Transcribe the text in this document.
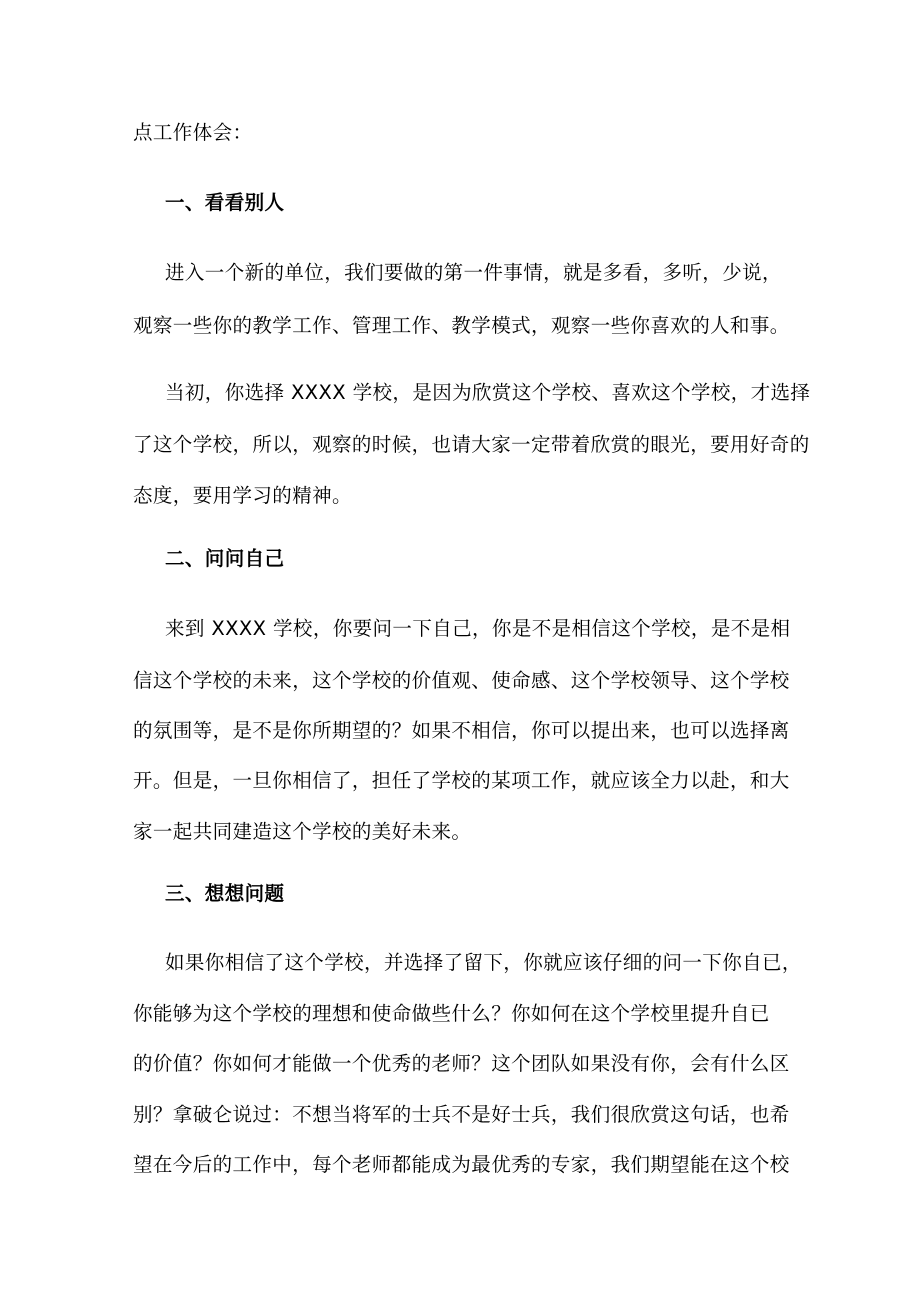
点工作体会：
一、看看别人
进入一个新的单位，我们要做的第一件事情，就是多看，多听，少说，
观察一些你的教学工作、管理工作、教学模式，观察一些你喜欢的人和事。
当初，你选择 XXXX 学校，是因为欣赏这个学校、喜欢这个学校，才选择
了这个学校，所以，观察的时候，也请大家一定带着欣赏的眼光，要用好奇的
态度，要用学习的精神。
二、问问自己
来到 XXXX 学校，你要问一下自己，你是不是相信这个学校，是不是相
信这个学校的未来，这个学校的价值观、使命感、这个学校领导、这个学校
的氛围等，是不是你所期望的？如果不相信，你可以提出来，也可以选择离
开。但是，一旦你相信了，担任了学校的某项工作，就应该全力以赴，和大
家一起共同建造这个学校的美好未来。
三、想想问题
如果你相信了这个学校，并选择了留下，你就应该仔细的问一下你自已，
你能够为这个学校的理想和使命做些什么？你如何在这个学校里提升自已
的价值？你如何才能做一个优秀的老师？这个团队如果没有你，会有什么区
别？拿破仑说过：不想当将军的士兵不是好士兵，我们很欣赏这句话，也希
望在今后的工作中，每个老师都能成为最优秀的专家，我们期望能在这个校
